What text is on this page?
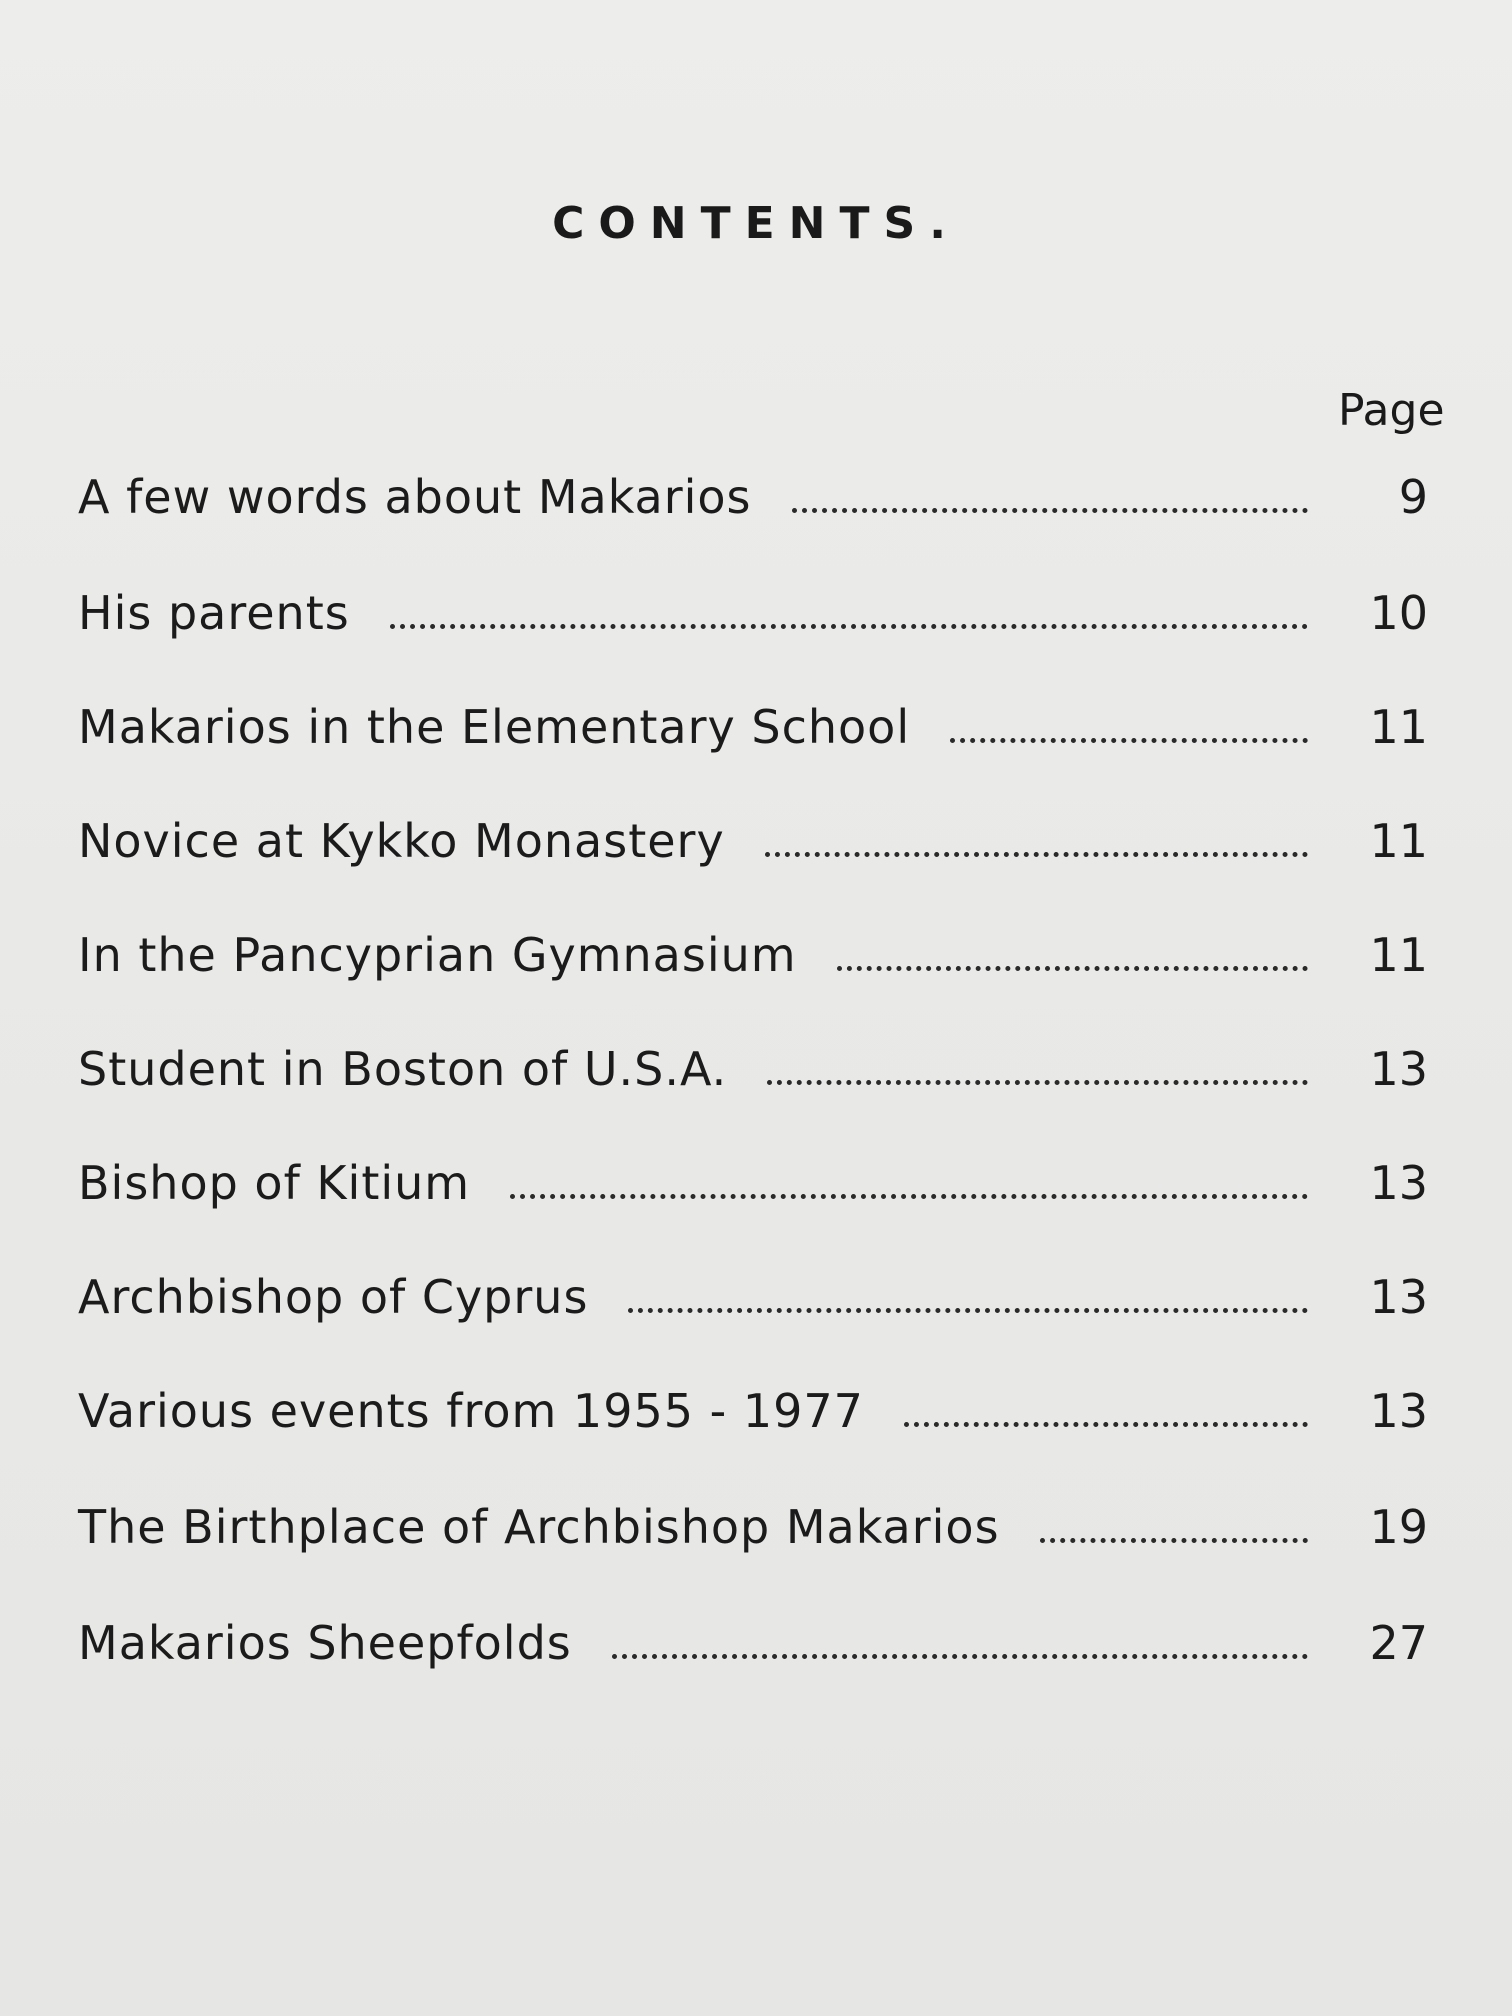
CONTENTS.
Page
A few words about Makarios	9
His parents	10
Makarios in the Elementary School	11
Novice at Kykko Monastery	11
In the Pancyprian Gymnasium	11
Student in Boston of U.S.A.	13
Bishop of Kitium	13
Archbishop of Cyprus	13
Various events from 1955 - 1977	13
The Birthplace of Archbishop Makarios	19
Makarios Sheepfolds	27
